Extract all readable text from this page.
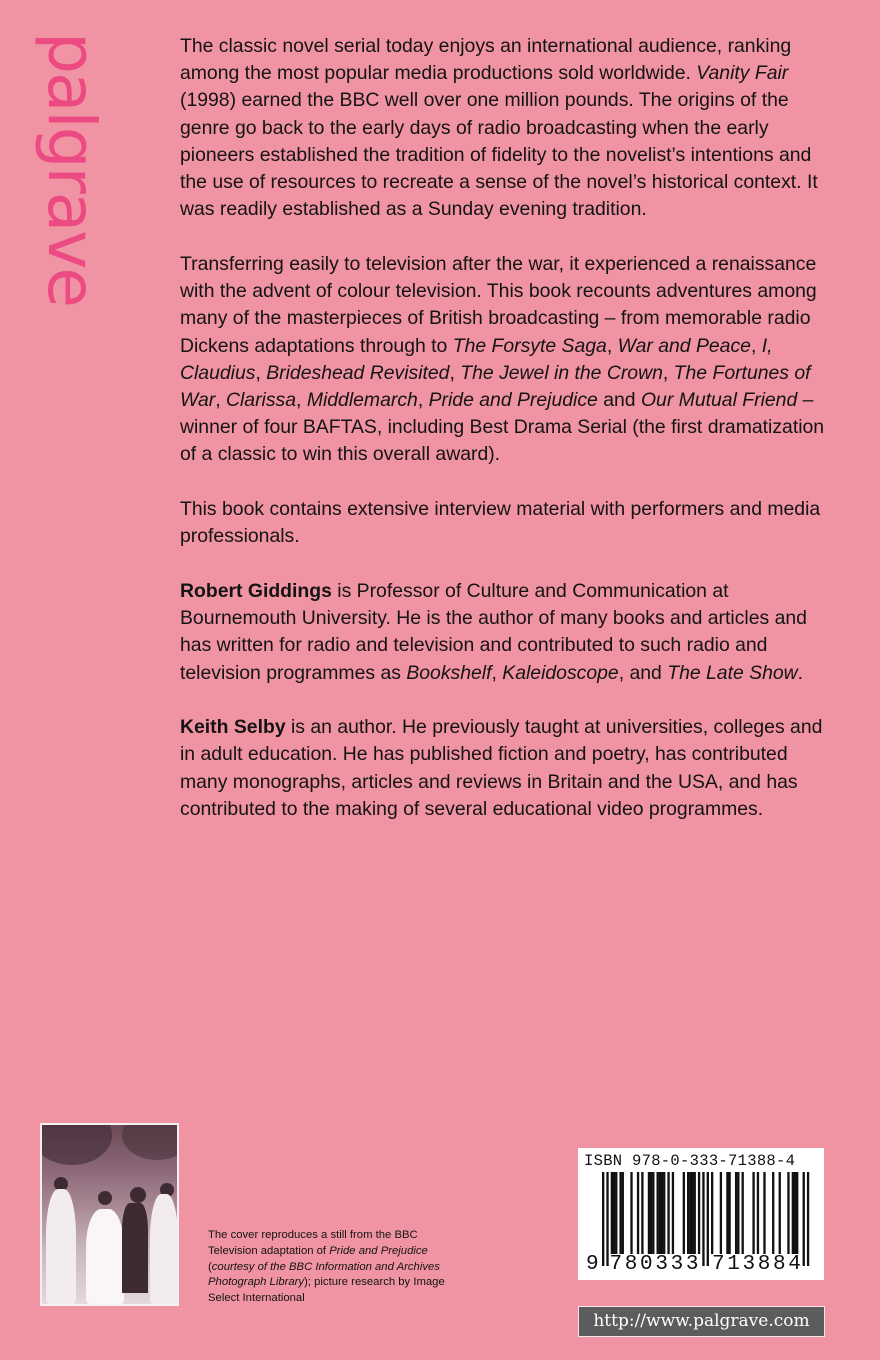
palgrave	The classic novel serial today enjoys an international audience, ranking among the most popular media productions sold worldwide. Vanity Fair (1998) earned the BBC well over one million pounds. The origins of the genre go back to the early days of radio broadcasting when the early pioneers established the tradition of fidelity to the novelist’s intentions and the use of resources to recreate a sense of the novel’s historical context. It was readily established as a Sunday evening tradition.

Transferring easily to television after the war, it experienced a renaissance with the advent of colour television. This book recounts adventures among many of the masterpieces of British broadcasting – from memorable radio Dickens adaptations through to The Forsyte Saga, War and Peace, I, Claudius, Brideshead Revisited, The Jewel in the Crown, The Fortunes of War, Clarissa, Middlemarch, Pride and Prejudice and Our Mutual Friend – winner of four BAFTAS, including Best Drama Serial (the first dramatization of a classic to win this overall award).

This book contains extensive interview material with performers and media professionals.

Robert Giddings is Professor of Culture and Communication at Bournemouth University. He is the author of many books and articles and has written for radio and television and contributed to such radio and television programmes as Bookshelf, Kaleidoscope, and The Late Show.

Keith Selby is an author. He previously taught at universities, colleges and in adult education. He has published fiction and poetry, has contributed many monographs, articles and reviews in Britain and the USA, and has contributed to the making of several educational video programmes.

The cover reproduces a still from the BBC Television adaptation of Pride and Prejudice (courtesy of the BBC Information and Archives Photograph Library); picture research by Image Select International
ISBN 978-0-333-71388-4
9 7 8 0 3 3 3 7 1 3 8 8 4
http://www.palgrave.com
